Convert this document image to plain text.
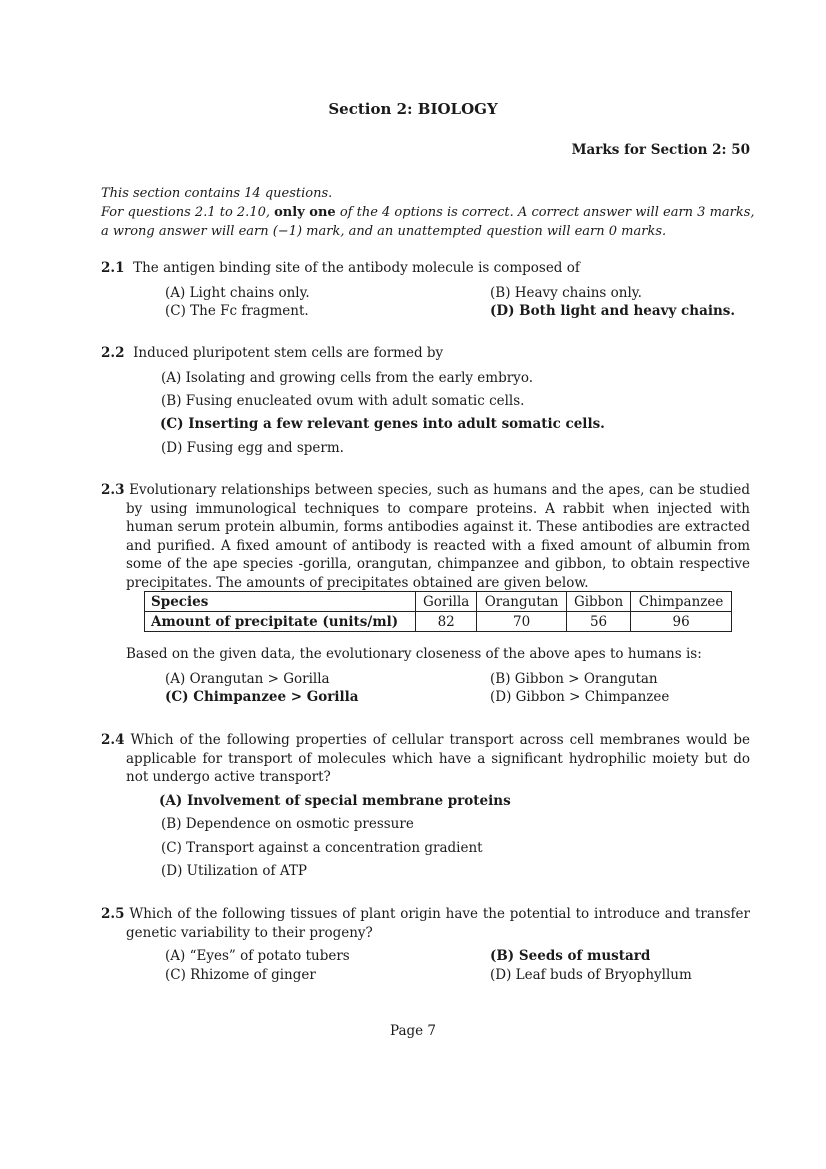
Section 2: BIOLOGY
Marks for Section 2: 50
This section contains 14 questions.
For questions 2.1 to 2.10, only one of the 4 options is correct. A correct answer will earn 3 marks,
a wrong answer will earn (−1) mark, and an unattempted question will earn 0 marks.
2.1 The antigen binding site of the antibody molecule is composed of
(A) Light chains only.	(B) Heavy chains only.
(C) The Fc fragment.	(D) Both light and heavy chains.
2.2 Induced pluripotent stem cells are formed by
(A) Isolating and growing cells from the early embryo.
(B) Fusing enucleated ovum with adult somatic cells.
(C) Inserting a few relevant genes into adult somatic cells.
(D) Fusing egg and sperm.
2.3 Evolutionary relationships between species, such as humans and the apes, can be studied by using immunological techniques to compare proteins. A rabbit when injected with human serum protein albumin, forms antibodies against it. These antibodies are extracted and purified. A fixed amount of antibody is reacted with a fixed amount of albumin from some of the ape species -gorilla, orangutan, chimpanzee and gibbon, to obtain respective precipitates. The amounts of precipitates obtained are given below.
Species	Gorilla	Orangutan	Gibbon	Chimpanzee
Amount of precipitate (units/ml)	82	70	56	96
Based on the given data, the evolutionary closeness of the above apes to humans is:
(A) Orangutan > Gorilla	(B) Gibbon > Orangutan
(C) Chimpanzee > Gorilla	(D) Gibbon > Chimpanzee
2.4 Which of the following properties of cellular transport across cell membranes would be applicable for transport of molecules which have a significant hydrophilic moiety but do not undergo active transport?
(A) Involvement of special membrane proteins
(B) Dependence on osmotic pressure
(C) Transport against a concentration gradient
(D) Utilization of ATP
2.5 Which of the following tissues of plant origin have the potential to introduce and transfer genetic variability to their progeny?
(A) “Eyes” of potato tubers	(B) Seeds of mustard
(C) Rhizome of ginger	(D) Leaf buds of Bryophyllum
Page 7
